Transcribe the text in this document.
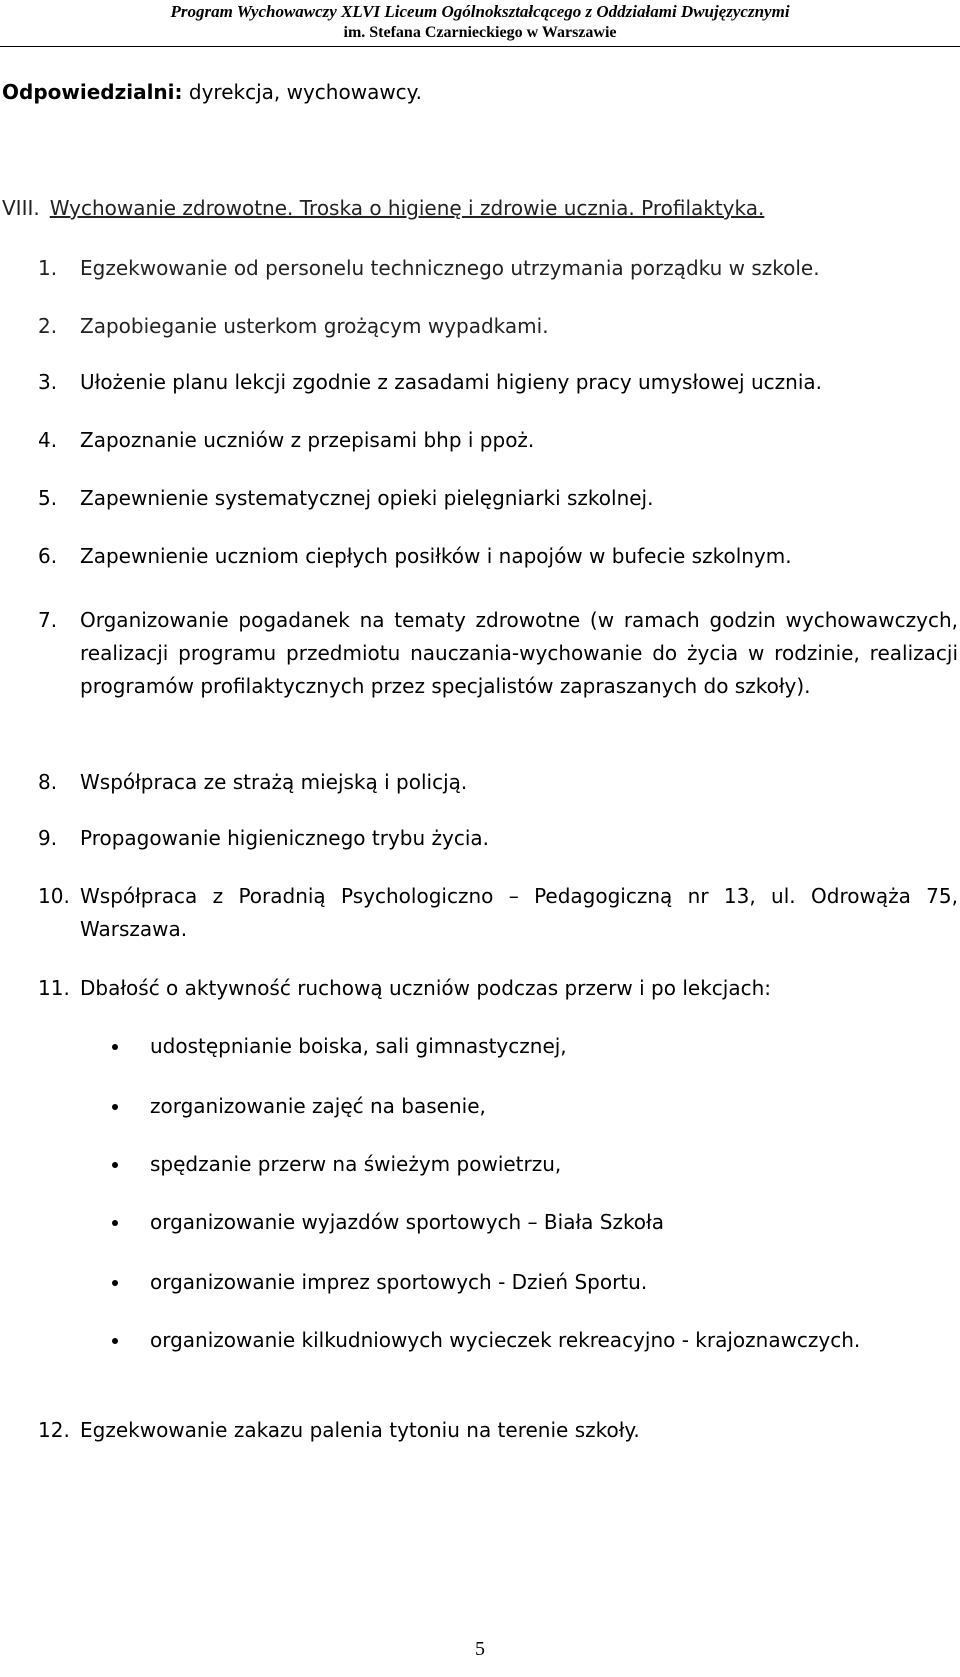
Program Wychowawczy XLVI Liceum Ogólnokształcącego z Oddziałami Dwujęzycznymi
im. Stefana Czarnieckiego w Warszawie
Odpowiedzialni: dyrekcja, wychowawcy.
VIII. Wychowanie zdrowotne. Troska o higienę i zdrowie ucznia. Profilaktyka.
1. Egzekwowanie od personelu technicznego utrzymania porządku w szkole.
2. Zapobieganie usterkom grożącym wypadkami.
3. Ułożenie planu lekcji zgodnie z zasadami higieny pracy umysłowej ucznia.
4. Zapoznanie uczniów z przepisami bhp i ppoż.
5. Zapewnienie systematycznej opieki pielęgniarki szkolnej.
6. Zapewnienie uczniom ciepłych posiłków i napojów w bufecie szkolnym.
7. Organizowanie pogadanek na tematy zdrowotne (w ramach godzin wychowawczych, realizacji programu przedmiotu nauczania-wychowanie do życia w rodzinie, realizacji programów profilaktycznych przez specjalistów zapraszanych do szkoły).
8. Współpraca ze strażą miejską i policją.
9. Propagowanie higienicznego trybu życia.
10. Współpraca z Poradnią Psychologiczno – Pedagogiczną nr 13, ul. Odrowąża 75, Warszawa.
11. Dbałość o aktywność ruchową uczniów podczas przerw i po lekcjach:
udostępnianie boiska, sali gimnastycznej,
zorganizowanie zajęć na basenie,
spędzanie przerw na świeżym powietrzu,
organizowanie wyjazdów sportowych – Biała Szkoła
organizowanie imprez sportowych - Dzień Sportu.
organizowanie kilkudniowych wycieczek rekreacyjno - krajoznawczych.
12. Egzekwowanie zakazu palenia tytoniu na terenie szkoły.
5
